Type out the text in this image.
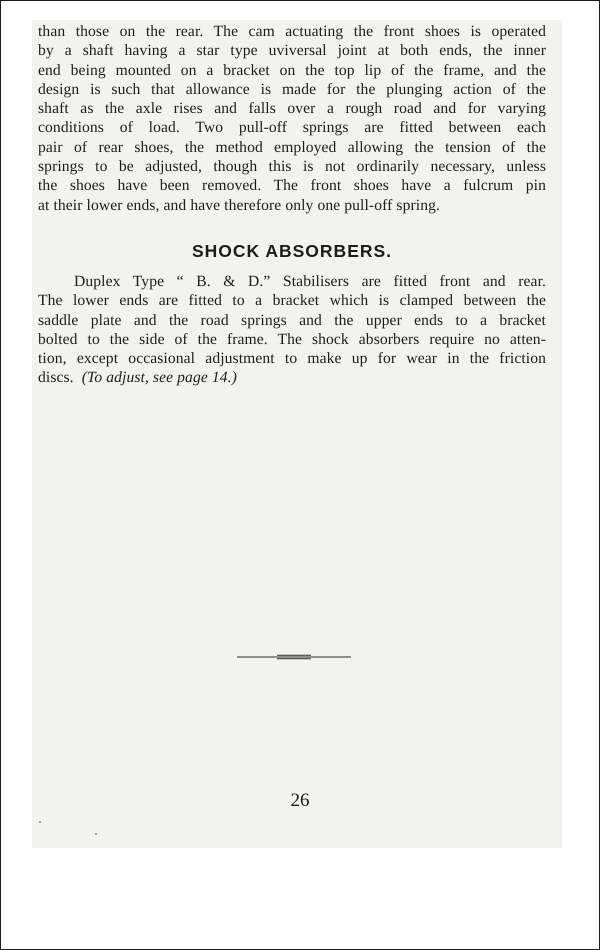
than those on the rear. The cam actuating the front shoes is operated
by a shaft having a star type uviversal joint at both ends, the inner
end being mounted on a bracket on the top lip of the frame, and the
design is such that allowance is made for the plunging action of the
shaft as the axle rises and falls over a rough road and for varying
conditions of load. Two pull-off springs are fitted between each
pair of rear shoes, the method employed allowing the tension of the
springs to be adjusted, though this is not ordinarily necessary, unless
the shoes have been removed. The front shoes have a fulcrum pin
at their lower ends, and have therefore only one pull-off spring.
SHOCK ABSORBERS.
Duplex Type “ B. & D.” Stabilisers are fitted front and rear.
The lower ends are fitted to a bracket which is clamped between the
saddle plate and the road springs and the upper ends to a bracket
bolted to the side of the frame. The shock absorbers require no atten-
tion, except occasional adjustment to make up for wear in the friction
discs.  (To adjust, see page 14.)
26
